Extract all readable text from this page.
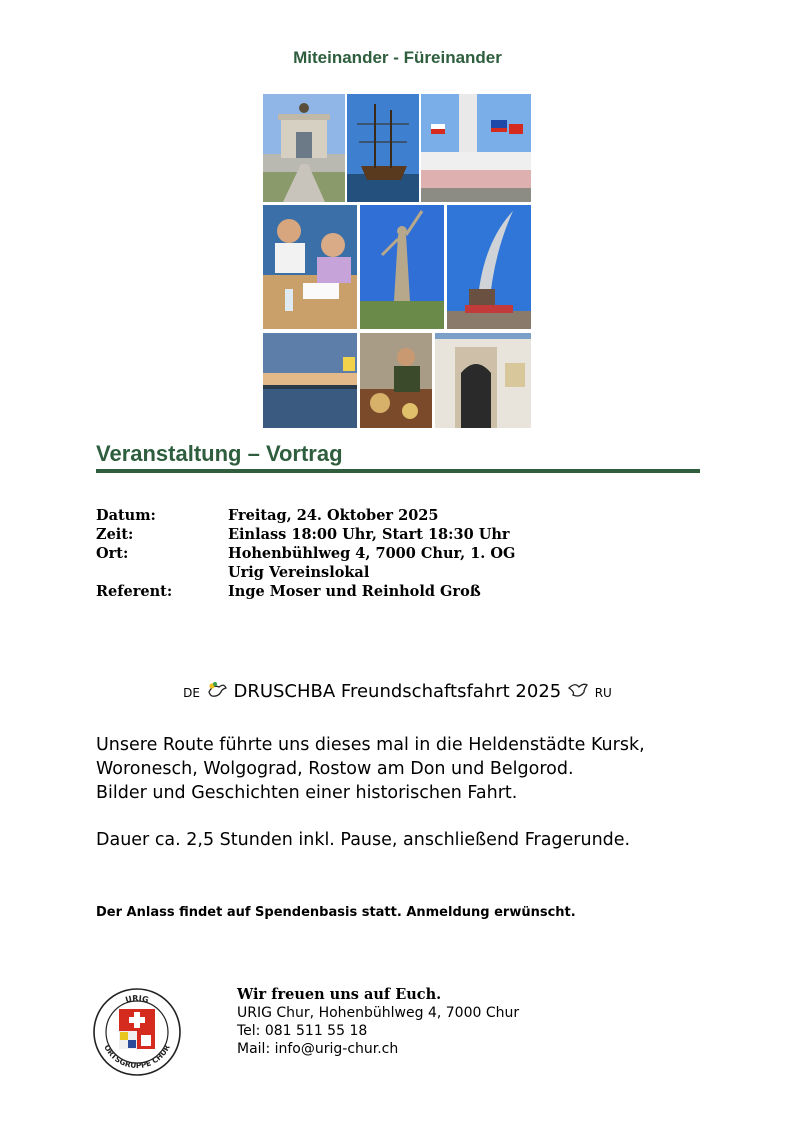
Miteinander - Füreinander
Veranstaltung – Vortrag
Datum:	Freitag, 24. Oktober 2025
Zeit:	Einlass 18:00 Uhr, Start 18:30 Uhr
Ort:	Hohenbühlweg 4, 7000 Chur, 1. OG
Urig Vereinslokal
Referent:	Inge Moser und Reinhold Groß
DE DRUSCHBA Freundschaftsfahrt 2025	RU
Unsere Route führte uns dieses mal in die Heldenstädte Kursk,
Woronesch, Wolgograd, Rostow am Don und Belgorod.
Bilder und Geschichten einer historischen Fahrt.
Dauer ca. 2,5 Stunden inkl. Pause, anschließend Fragerunde.
Der Anlass findet auf Spendenbasis statt. Anmeldung erwünscht.
URIG
ORTSGRUPPE CHUR
Wir freuen uns auf Euch.
URIG Chur, Hohenbühlweg 4, 7000 Chur
Tel: 081 511 55 18
Mail: info@urig-chur.ch
